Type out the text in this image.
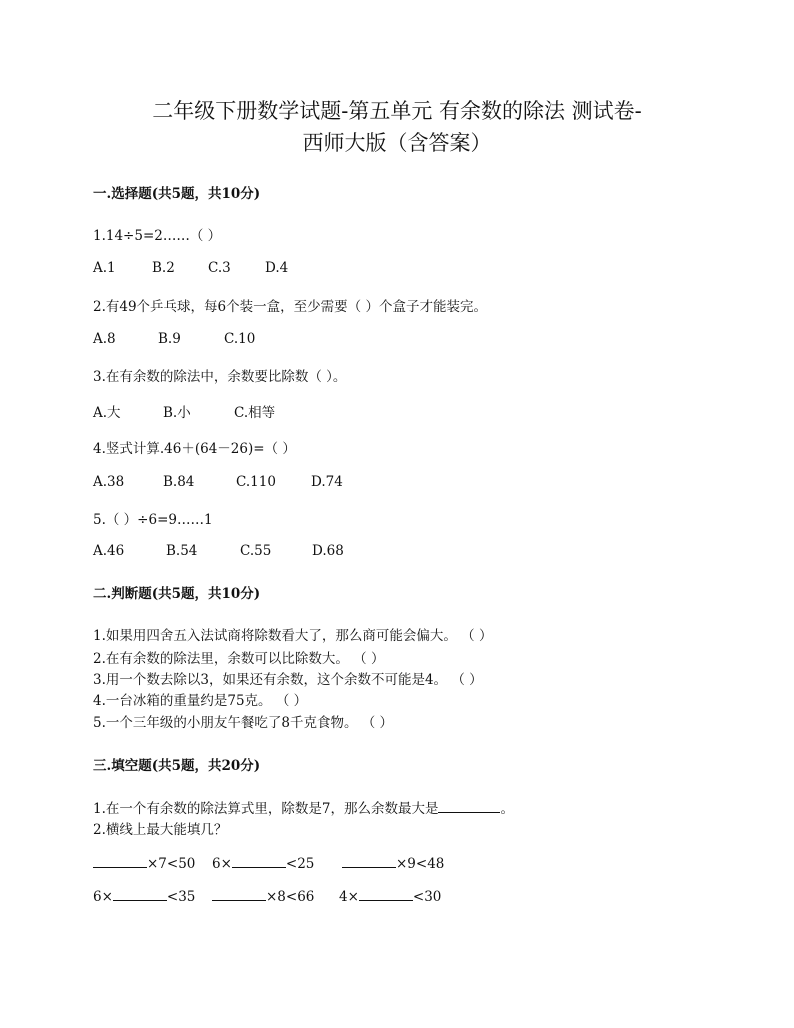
二年级下册数学试题-第五单元 有余数的除法 测试卷-
西师大版（含答案）
一.选择题(共5题，共10分)
1.14÷5=2……（ ）
A.1	B.2 C.3	D.4
2.有49个乒乓球，每6个装一盒，至少需要（ ）个盒子才能装完。
A.8	B.9	C.10
3.在有余数的除法中，余数要比除数（ ）。
A.大	B.小	C.相等
4.竖式计算.46＋(64－26)=（ ）
A.38	B.84	C.110	D.74
5.（ ）÷6=9……1
A.46	B.54	C.55	D.68
二.判断题(共5题，共10分)
1.如果用四舍五入法试商将除数看大了，那么商可能会偏大。 （ ）
2.在有余数的除法里，余数可以比除数大。 （ ）
3.用一个数去除以3，如果还有余数，这个余数不可能是4。 （ ）
4.一台冰箱的重量约是75克。 （ ）
5.一个三年级的小朋友午餐吃了8千克食物。 （ ）
三.填空题(共5题，共20分)
1.在一个有余数的除法算式里，除数是7，那么余数最大是	。
2.横线上最大能填几？
×7<50 6×	<25	×9<48
6×	<35	×8<66 4×	<30
